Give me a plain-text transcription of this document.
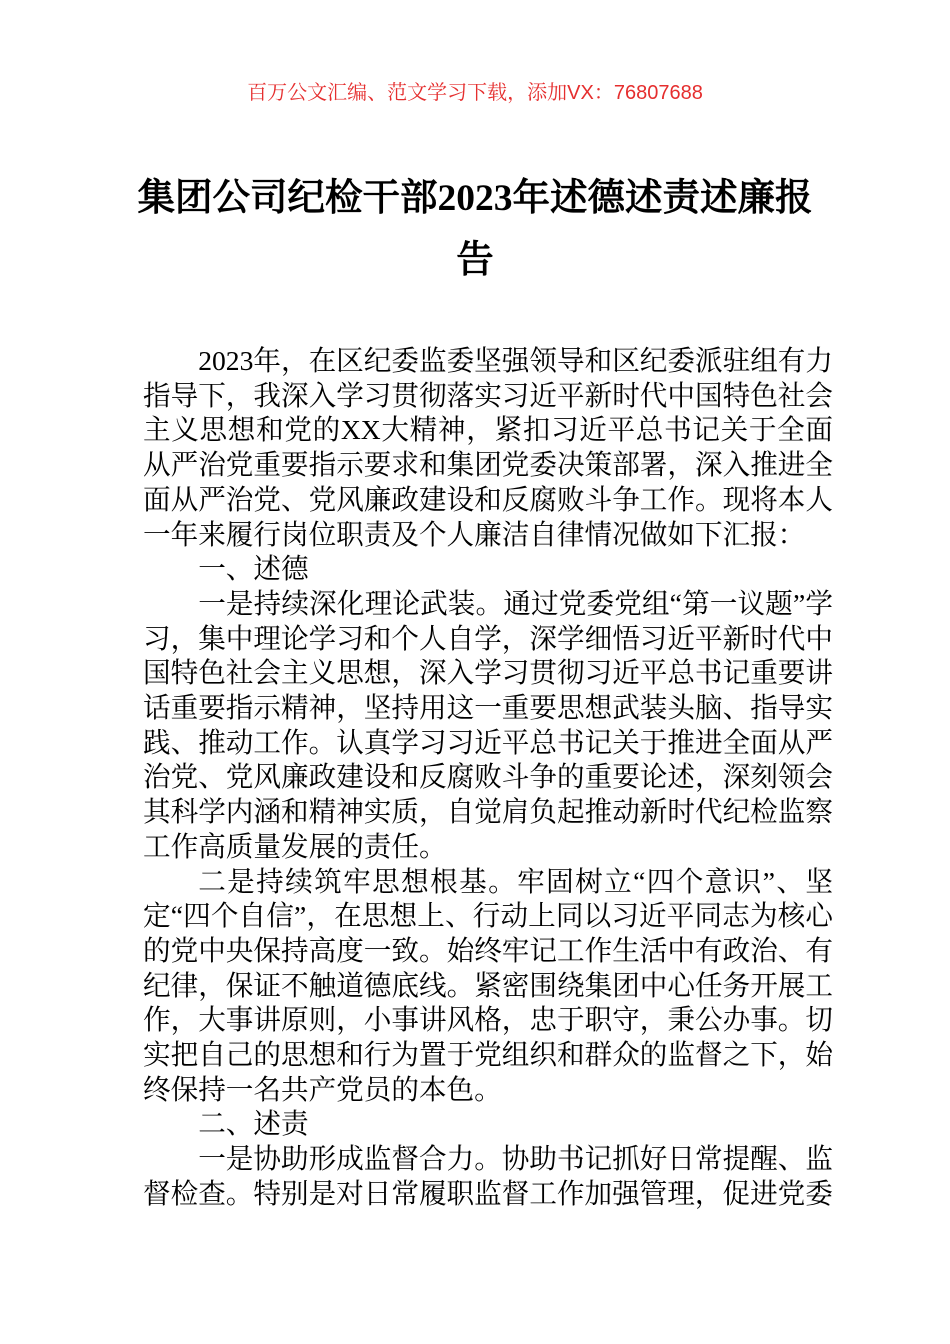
百万公文汇编、范文学习下载，添加VX：76807688
集团公司纪检干部2023年述德述责述廉报告

2023年，在区纪委监委坚强领导和区纪委派驻组有力指导下，我深入学习贯彻落实习近平新时代中国特色社会主义思想和党的XX大精神，紧扣习近平总书记关于全面从严治党重要指示要求和集团党委决策部署，深入推进全面从严治党、党风廉政建设和反腐败斗争工作。现将本人一年来履行岗位职责及个人廉洁自律情况做如下汇报：

一、述德

一是持续深化理论武装。通过党委党组“第一议题”学习，集中理论学习和个人自学，深学细悟习近平新时代中国特色社会主义思想，深入学习贯彻习近平总书记重要讲话重要指示精神，坚持用这一重要思想武装头脑、指导实践、推动工作。认真学习习近平总书记关于推进全面从严治党、党风廉政建设和反腐败斗争的重要论述，深刻领会其科学内涵和精神实质，自觉肩负起推动新时代纪检监察工作高质量发展的责任。

二是持续筑牢思想根基。牢固树立“四个意识”、坚定“四个自信”，在思想上、行动上同以习近平同志为核心的党中央保持高度一致。始终牢记工作生活中有政治、有纪律，保证不触道德底线。紧密围绕集团中心任务开展工作，大事讲原则，小事讲风格，忠于职守，秉公办事。切实把自己的思想和行为置于党组织和群众的监督之下，始终保持一名共产党员的本色。

二、述责

一是协助形成监督合力。协助书记抓好日常提醒、监督检查。特别是对日常履职监督工作加强管理，促进党委
